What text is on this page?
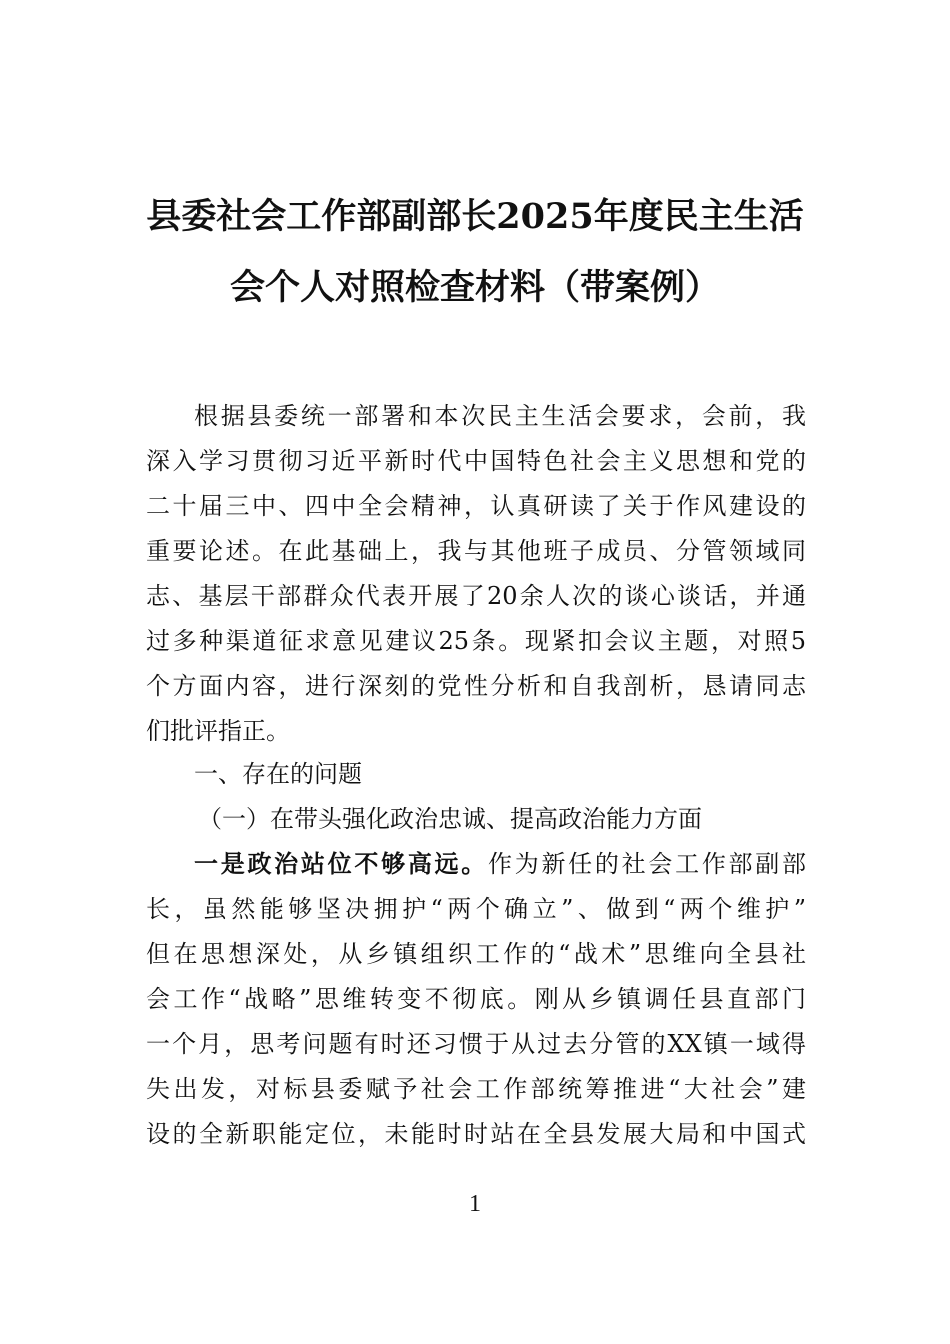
县委社会工作部副部长2025年度民主生活
会个人对照检查材料（带案例）
根据县委统一部署和本次民主生活会要求，会前，我
深入学习贯彻习近平新时代中国特色社会主义思想和党的
二十届三中、四中全会精神，认真研读了关于作风建设的
重要论述。在此基础上，我与其他班子成员、分管领域同
志、基层干部群众代表开展了20余人次的谈心谈话，并通
过多种渠道征求意见建议25条。现紧扣会议主题，对照5
个方面内容，进行深刻的党性分析和自我剖析，恳请同志
们批评指正。
一、存在的问题
（一）在带头强化政治忠诚、提高政治能力方面
一是政治站位不够高远。作为新任的社会工作部副部
长，虽然能够坚决拥护“两个确立”、做到“两个维护”
但在思想深处，从乡镇组织工作的“战术”思维向全县社
会工作“战略”思维转变不彻底。刚从乡镇调任县直部门
一个月，思考问题有时还习惯于从过去分管的XX镇一域得
失出发，对标县委赋予社会工作部统筹推进“大社会”建
设的全新职能定位，未能时时站在全县发展大局和中国式
1
